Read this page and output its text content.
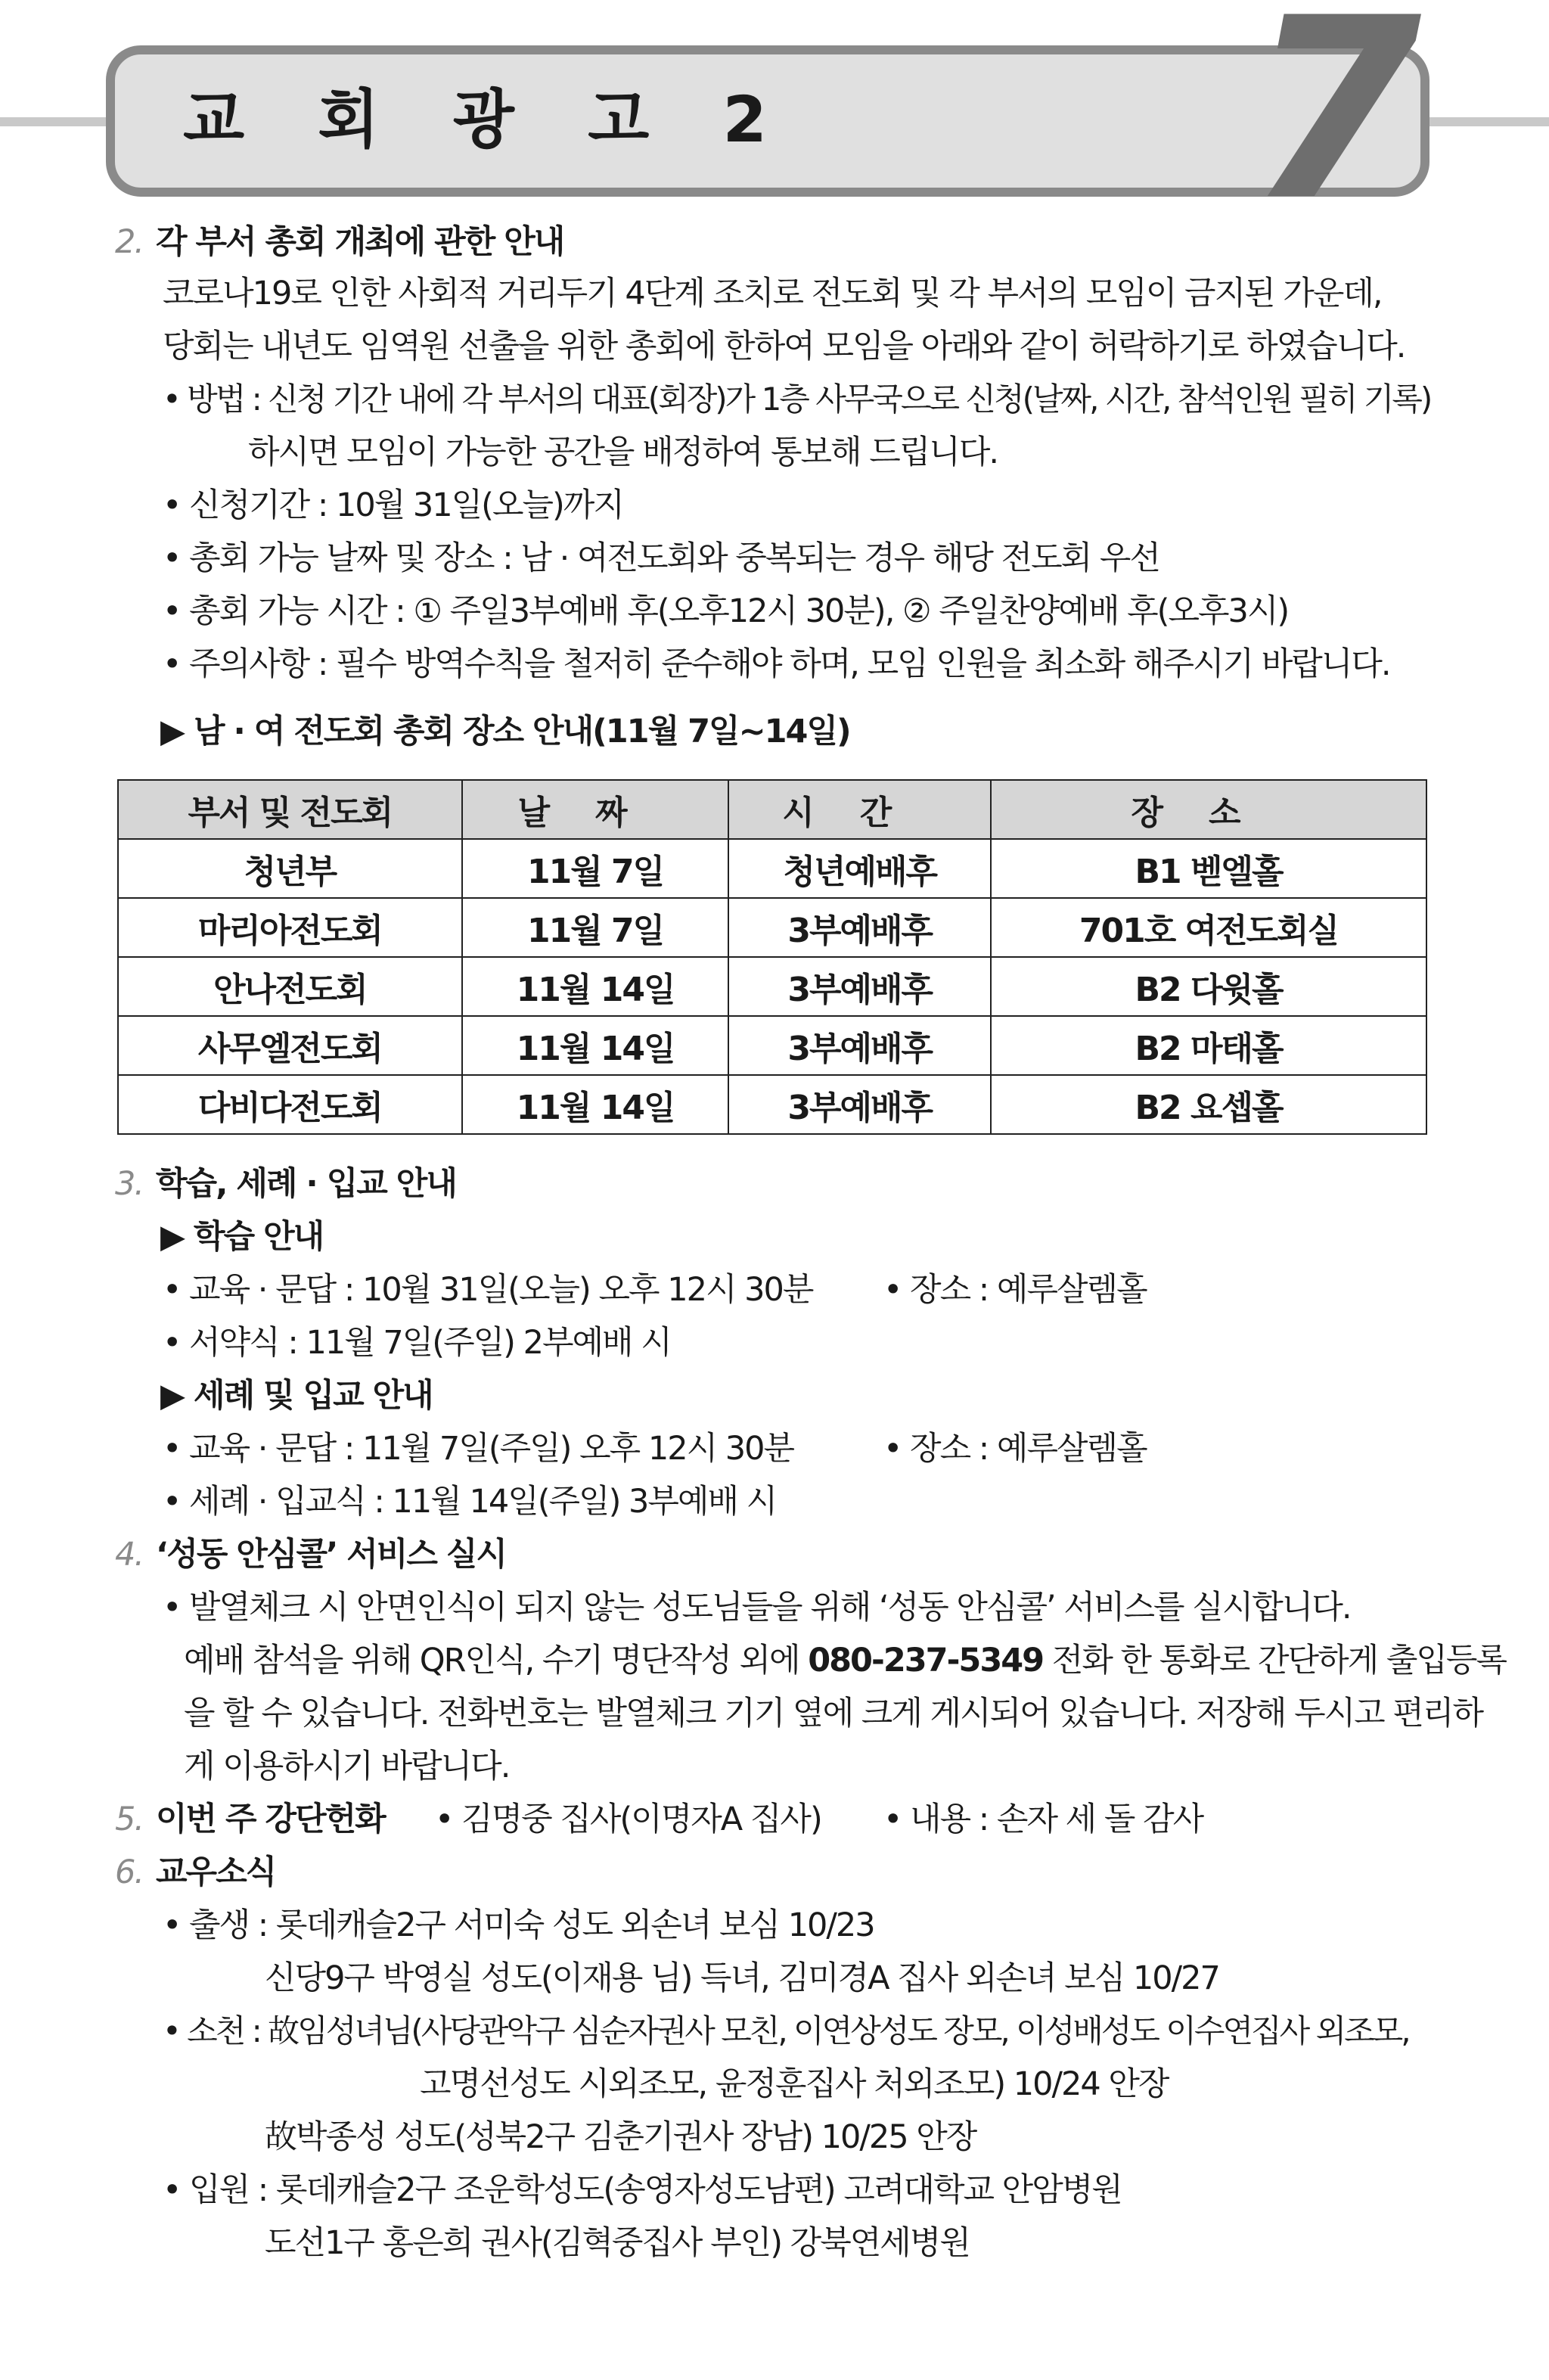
교 회 광 고 2 7
2. 각 부서 총회 개최에 관한 안내
코로나19로 인한 사회적 거리두기 4단계 조치로 전도회 및 각 부서의 모임이 금지된 가운데,
당회는 내년도 임역원 선출을 위한 총회에 한하여 모임을 아래와 같이 허락하기로 하였습니다.
• 방법 : 신청 기간 내에 각 부서의 대표(회장)가 1층 사무국으로 신청(날짜, 시간, 참석인원 필히 기록)
하시면 모임이 가능한 공간을 배정하여 통보해 드립니다.
• 신청기간 : 10월 31일(오늘)까지
• 총회 가능 날짜 및 장소 : 남 · 여전도회와 중복되는 경우 해당 전도회 우선
• 총회 가능 시간 : ① 주일3부예배 후(오후12시 30분), ② 주일찬양예배 후(오후3시)
• 주의사항 : 필수 방역수칙을 철저히 준수해야 하며, 모임 인원을 최소화 해주시기 바랍니다.
▶ 남 · 여 전도회 총회 장소 안내(11월 7일~14일)
부서 및 전도회	날짜	시간	장소
청년부	11월 7일	청년예배후	B1 벧엘홀
마리아전도회	11월 7일	3부예배후	701호 여전도회실
안나전도회	11월 14일	3부예배후	B2 다윗홀
사무엘전도회	11월 14일	3부예배후	B2 마태홀
다비다전도회	11월 14일	3부예배후	B2 요셉홀
3. 학습, 세례 · 입교 안내
▶ 학습 안내
• 교육 · 문답 : 10월 31일(오늘) 오후 12시 30분 • 장소 : 예루살렘홀
• 서약식 : 11월 7일(주일) 2부예배 시
▶ 세례 및 입교 안내
• 교육 · 문답 : 11월 7일(주일) 오후 12시 30분	• 장소 : 예루살렘홀
• 세례 · 입교식 : 11월 14일(주일) 3부예배 시
4. ‘성동 안심콜’ 서비스 실시
• 발열체크 시 안면인식이 되지 않는 성도님들을 위해 ‘성동 안심콜’ 서비스를 실시합니다.
예배 참석을 위해 QR인식, 수기 명단작성 외에 080-237-5349 전화 한 통화로 간단하게 출입등록
을 할 수 있습니다. 전화번호는 발열체크 기기 옆에 크게 게시되어 있습니다. 저장해 두시고 편리하
게 이용하시기 바랍니다.
5. 이번 주 강단헌화 • 김명중 집사(이명자A 집사) • 내용 : 손자 세 돌 감사
6. 교우소식
• 출생 : 롯데캐슬2구 서미숙 성도 외손녀 보심 10/23
신당9구 박영실 성도(이재용 님) 득녀, 김미경A 집사 외손녀 보심 10/27
• 소천 : 故임성녀님(사당관악구 심순자권사 모친, 이연상성도 장모, 이성배성도 이수연집사 외조모,
고명선성도 시외조모, 윤정훈집사 처외조모) 10/24 안장
故박종성 성도(성북2구 김춘기권사 장남) 10/25 안장
• 입원 : 롯데캐슬2구 조운학성도(송영자성도남편) 고려대학교 안암병원
도선1구 홍은희 권사(김혁중집사 부인) 강북연세병원
